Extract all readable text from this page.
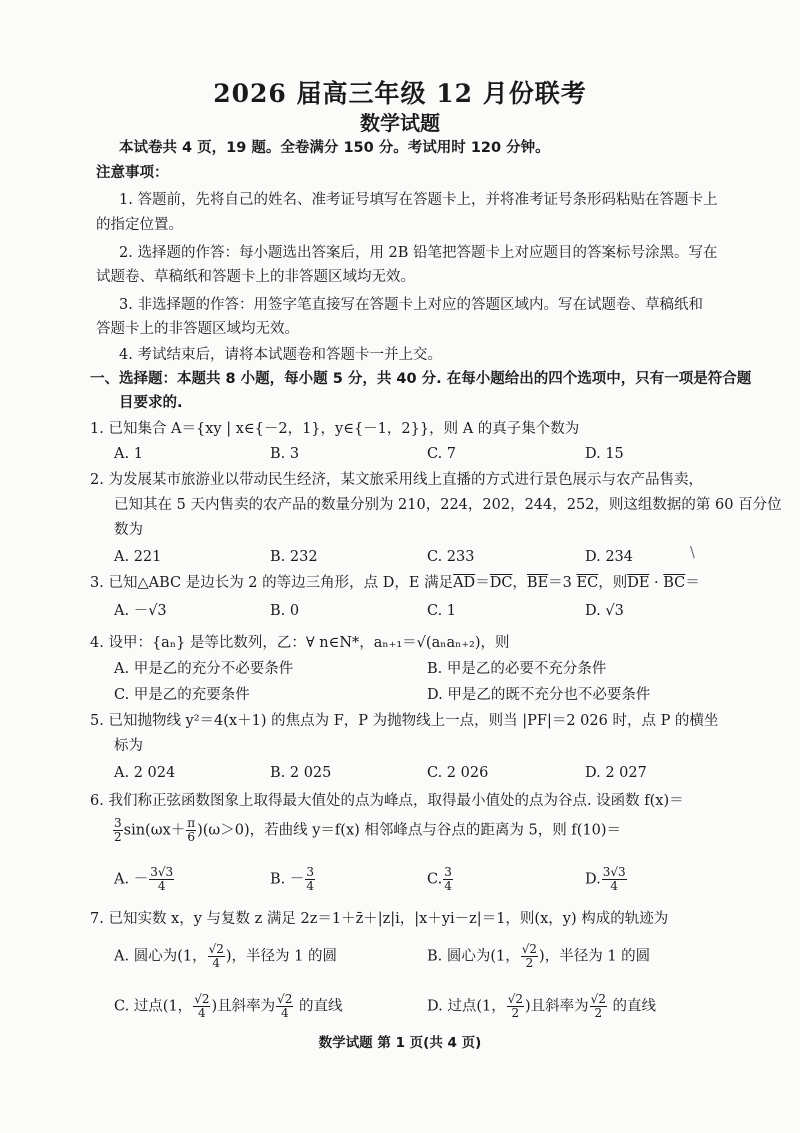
2026 届高三年级 12 月份联考
数学试题
本试卷共 4 页，19 题。全卷满分 150 分。考试用时 120 分钟。
注意事项：
1. 答题前，先将自己的姓名、准考证号填写在答题卡上，并将准考证号条形码粘贴在答题卡上
的指定位置。
2. 选择题的作答：每小题选出答案后，用 2B 铅笔把答题卡上对应题目的答案标号涂黑。写在
试题卷、草稿纸和答题卡上的非答题区域均无效。
3. 非选择题的作答：用签字笔直接写在答题卡上对应的答题区域内。写在试题卷、草稿纸和
答题卡上的非答题区域均无效。
4. 考试结束后，请将本试题卷和答题卡一并上交。
一、选择题：本题共 8 小题，每小题 5 分，共 40 分. 在每小题给出的四个选项中，只有一项是符合题
目要求的.
1. 已知集合 A＝{xy | x∈{－2，1}，y∈{－1，2}}，则 A 的真子集个数为
A. 1	B. 3	C. 7	D. 15
2. 为发展某市旅游业以带动民生经济，某文旅采用线上直播的方式进行景色展示与农产品售卖，
已知其在 5 天内售卖的农产品的数量分别为 210，224，202，244，252，则这组数据的第 60 百分位
数为
A. 221	B. 232	C. 233	D. 234	\
3. 已知△ABC 是边长为 2 的等边三角形，点 D，E 满足$\overline{AD}=\overline{DC}$，$\overline{BE}=3$ $\overline{EC}$，则$\overline{DE} \cdot \overline{BC}=$
A. －√3	B. 0	C. 1	D. √3
4. 设甲：{aₙ} 是等比数列，乙：∀ n∈N*，aₙ₊₁＝√(aₙaₙ₊₂)，则
A. 甲是乙的充分不必要条件	B. 甲是乙的必要不充分条件
C. 甲是乙的充要条件	D. 甲是乙的既不充分也不必要条件
5. 已知抛物线 y²＝4(x＋1) 的焦点为 F，P 为抛物线上一点，则当 |PF|＝2 026 时，点 P 的横坐
标为
A. 2 024	B. 2 025	C. 2 026	D. 2 027
6. 我们称正弦函数图象上取得最大值处的点为峰点，取得最小值处的点为谷点. 设函数 f(x)＝
$\frac{3}{2} \sin(\omega x+ \frac{\pi}{6} )(\omega>0)$，若曲线 y＝f(x) 相邻峰点与谷点的距离为 5，则 f(10)＝
A. － $\frac{3√3}{4}$	B. － $\frac{3}{4}$	C. $\frac{3}{4}$	D. $\frac{3√3}{4}$
7. 已知实数 x，y 与复数 z 满足 2z＝1＋z̄＋|z|i，|x＋yi－z|＝1，则(x，y) 构成的轨迹为
A. 圆心为(1， $\frac{√2}{4}$ )，半径为 1 的圆	B. 圆心为(1， $\frac{√2}{2}$ )，半径为 1 的圆
C. 过点(1， $\frac{√2}{4}$ )且斜率为 $\frac{√2}{4}$ 的直线	D. 过点(1， $\frac{√2}{2}$ )且斜率为 $\frac{√2}{2}$ 的直线
数学试题 第 1 页(共 4 页)
